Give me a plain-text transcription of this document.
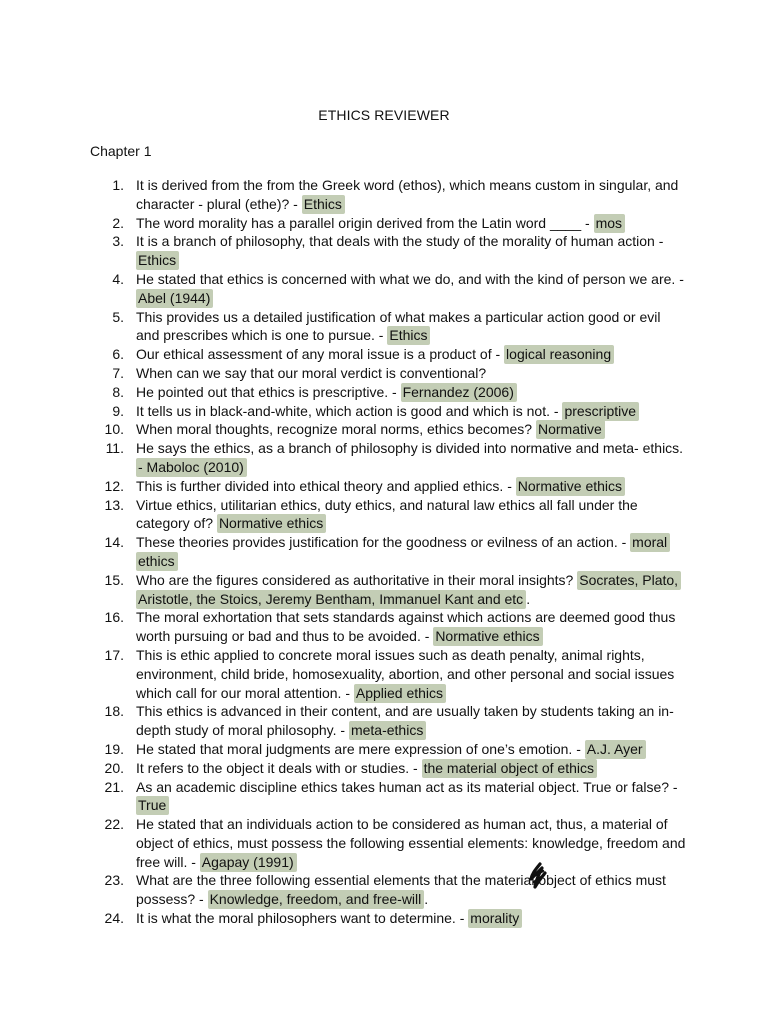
ETHICS REVIEWER
Chapter 1
1. It is derived from the from the Greek word (ethos), which means custom in singular, and character - plural (ethe)? - Ethics
2. The word morality has a parallel origin derived from the Latin word ____ - mos
3. It is a branch of philosophy, that deals with the study of the morality of human action - Ethics
4. He stated that ethics is concerned with what we do, and with the kind of person we are. - Abel (1944)
5. This provides us a detailed justification of what makes a particular action good or evil and prescribes which is one to pursue. - Ethics
6. Our ethical assessment of any moral issue is a product of - logical reasoning
7. When can we say that our moral verdict is conventional?
8. He pointed out that ethics is prescriptive. - Fernandez (2006)
9. It tells us in black-and-white, which action is good and which is not. - prescriptive
10. When moral thoughts, recognize moral norms, ethics becomes? Normative
11. He says the ethics, as a branch of philosophy is divided into normative and meta- ethics. - Maboloc (2010)
12. This is further divided into ethical theory and applied ethics. - Normative ethics
13. Virtue ethics, utilitarian ethics, duty ethics, and natural law ethics all fall under the category of? Normative ethics
14. These theories provides justification for the goodness or evilness of an action. - moral ethics
15. Who are the figures considered as authoritative in their moral insights? Socrates, Plato, Aristotle, the Stoics, Jeremy Bentham, Immanuel Kant and etc .
16. The moral exhortation that sets standards against which actions are deemed good thus worth pursuing or bad and thus to be avoided. - Normative ethics
17. This is ethic applied to concrete moral issues such as death penalty, animal rights, environment, child bride, homosexuality, abortion, and other personal and social issues which call for our moral attention. - Applied ethics
18. This ethics is advanced in their content, and are usually taken by students taking an in-depth study of moral philosophy. - meta-ethics
19. He stated that moral judgments are mere expression of one’s emotion. - A.J. Ayer
20. It refers to the object it deals with or studies. - the material object of ethics
21. As an academic discipline ethics takes human act as its material object. True or false? - True
22. He stated that an individuals action to be considered as human act, thus, a material of object of ethics, must possess the following essential elements: knowledge, freedom and free will. - Agapay (1991)
23. What are the three following essential elements that the material object of ethics must possess? - Knowledge, freedom, and free-will .
24. It is what the moral philosophers want to determine. - morality
